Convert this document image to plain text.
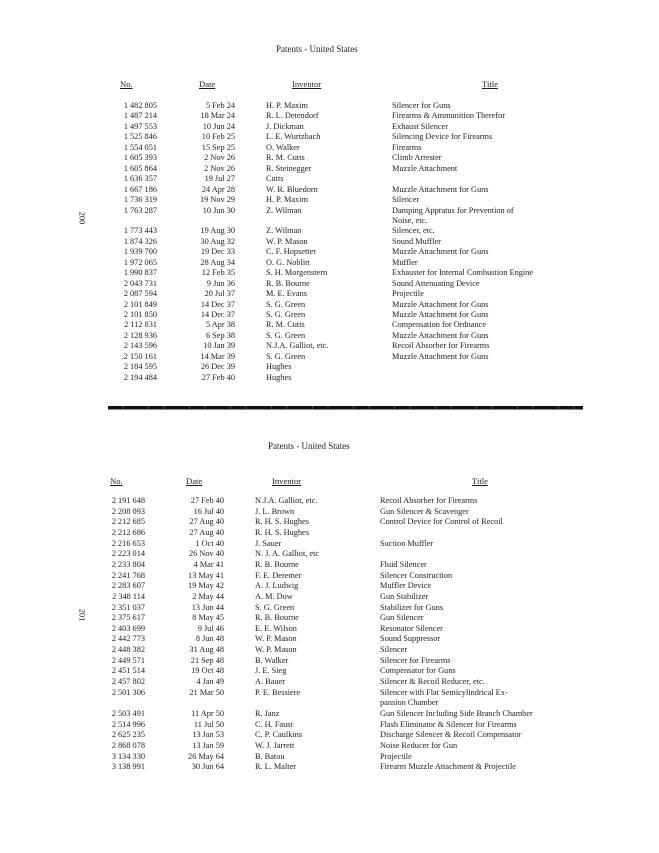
Patents - United States
No.	Date	Inventor	Title
200
1 482 805	5 Feb 24	H. P. Maxim	Silencer for Guns
1 487 214	18 Mar 24	R. L. Detendorf	Firearms & Ammunition Therefor
1 497 553	10 Jun 24	J. Dickman	Exhaust Silencer
1 525 846	10 Feb 25	L. E. Wurtzbach	Silencing Device for Firearms
1 554 051	15 Sep 25	O. Walker	Firearms
1 605 393	2 Nov 26	R. M. Cutts	Climb Arrester
1 605 864	2 Nov 26	R. Steinegger	Muzzle Attachment
1 636 357	19 Jul 27	Cutts
1 667 186	24 Apr 28	W. R. Bluedorn	Muzzle Attachment for Guns
1 736 319	19 Nov 29	H. P. Maxim	Silencer
1 763 287	10 Jun 30	Z. Wilman	Damping Appratus for Prevention of
Noise, etc.
1 773 443	19 Aug 30	Z. Wilman	Silencer, etc.
1 874 326	30 Aug 32	W. P. Mason	Sound Muffler
1 939 700	19 Dec 33	C. F. Hopsetter	Muzzle Attachment for Guns
1 972 065	28 Aug 34	O. G. Noblitt	Muffler
1 990 837	12 Feb 35	S. H. Morgenstern	Exhauster for Internal Combustion Engine
2 043 731	9 Jun 36	R. B. Bourne	Sound Attenuating Device
2 087 594	20 Jul 37	M. E. Evans	Projectile
2 101 849	14 Dec 37	S. G. Green	Muzzle Attachment for Guns
2 101 850	14 Dec 37	S. G. Green	Muzzle Attachment for Guns
2 112 831	5 Apr 38	R. M. Cutts	Compensation for Ordnance
2 128 936	6 Sep 38	S. G. Green	Muzzle Attachment for Guns
2 143 596	10 Jan 39	N.J.A. Galliot, etc.	Recoil Absorber for Firearms
.2 150 161	14 Mar 39	S. G. Green	Muzzle Attachment for Guns
2 184 595	26 Dec 39	Hughes
2 194 484	27 Feb 40	Hughes
Patents - United States
No.	Date	Inventor	Title
201
2 191 648	27 Feb 40	N.J.A. Galliot, etc.	Recoil Absorber for Firearms
2 208 093	16 Jul 40	J. L. Brown	Gun Silencer & Scavenger
2 212 685	27 Aug 40	R. H. S. Hughes	Control Device for Control of Recoil
2 212 686	27 Aug 40	R. H. S. Hughes
2 216 653	1 Oct 40	J. Sauer	Suction Muffler
2 223 014	26 Nov 40	N. J. A. Galliot, etc
2 233 804	4 Mar 41	R. B. Bourne	Fluid Silencer
2 241 768	13 May 41	F. E. Deremer	Silencer Construction
2 283 607	19 May 42	A. J. Ludwig	Muffler Device
2 348 114	2 May 44	A. M. Dow	Gun Stabilizer
2 351 037	13 Jun 44	S. G. Green	Stabilizer for Guns
2 375 617	8 May 45	R. B. Bourne	Gun Silencer
2 403 699	9 Jul 46	E. E. Wilson	Resonator Silencer
2 442 773	8 Jun 48	W. P. Mason	Sound Suppressor
2 448 382	31 Aug 48	W. P. Mason	Silencer
2 449 571	21 Sep 48	B. Walker	Silencer for Firearms
2 451 514	19 Oct 48	J. E. Sieg	Compensator for Guns
2 457 802	4 Jan 49	A. Bauer	Silencer & Recoil Reducer, etc.
2 501 306	21 Mar 50	P. E. Bessiere	Silencer with Flat Semicylindrical Ex-
pansion Chamber
2 503 491	11 Apr 50	R. Janz	Gun Silencer Including Side Branch Chamber
2 514 996	11 Jul 50	C. H. Faust	Flash Eliminator & Silencer for Firearms
2 625 235	13 Jan 53	C. P. Caulkins	Discharge Silencer & Recoil Compensator
2 868 078	13 Jan 59	W. J. Jarrett	Noise Reducer for Gun
3 134 330	26 May 64	B. Batou	Projectile
3 138 991	30 Jun 64	R. L. Malter	Firearm Muzzle Attachment & Projectile
